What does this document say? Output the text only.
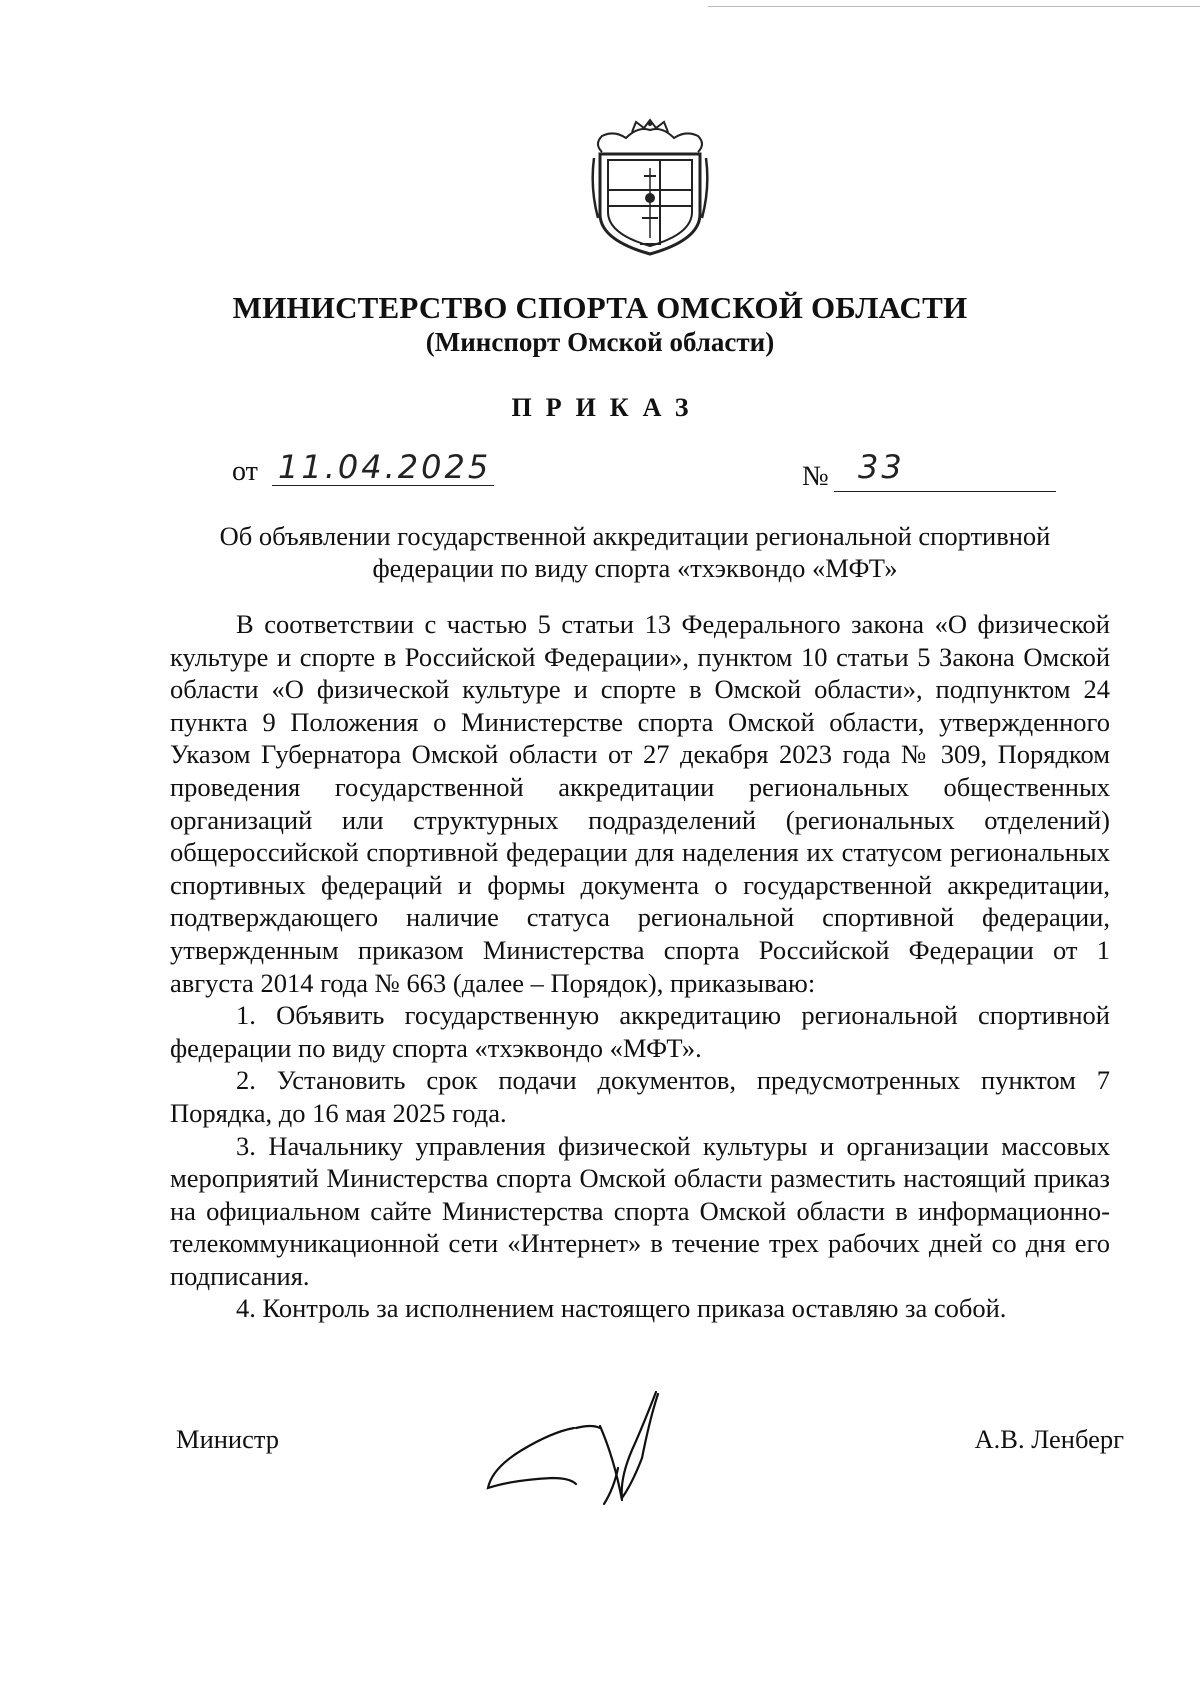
МИНИСТЕРСТВО СПОРТА ОМСКОЙ ОБЛАСТИ
(Минспорт Омской области)
ПРИКАЗ
от 11.04.2025	№ 33
Об объявлении государственной аккредитации региональной спортивной федерации по виду спорта «тхэквондо «МФТ»

В соответствии с частью 5 статьи 13 Федерального закона «О физической культуре и спорте в Российской Федерации», пунктом 10 статьи 5 Закона Омской области «О физической культуре и спорте в Омской области», подпунктом 24 пункта 9 Положения о Министерстве спорта Омской области, утвержденного Указом Губернатора Омской области от 27 декабря 2023 года № 309, Порядком проведения государственной аккредитации региональных общественных организаций или структурных подразделений (региональных отделений) общероссийской спортивной федерации для наделения их статусом региональных спортивных федераций и формы документа о государственной аккредитации, подтверждающего наличие статуса региональной спортивной федерации, утвержденным приказом Министерства спорта Российской Федерации от 1 августа 2014 года № 663 (далее – Порядок), приказываю:

1. Объявить государственную аккредитацию региональной спортивной федерации по виду спорта «тхэквондо «МФТ».

2. Установить срок подачи документов, предусмотренных пунктом 7 Порядка, до 16 мая 2025 года.

3. Начальнику управления физической культуры и организации массовых мероприятий Министерства спорта Омской области разместить настоящий приказ на официальном сайте Министерства спорта Омской области в информационно-телекоммуникационной сети «Интернет» в течение трех рабочих дней со дня его подписания.

4. Контроль за исполнением настоящего приказа оставляю за собой.

Министр	А.В. Ленберг
